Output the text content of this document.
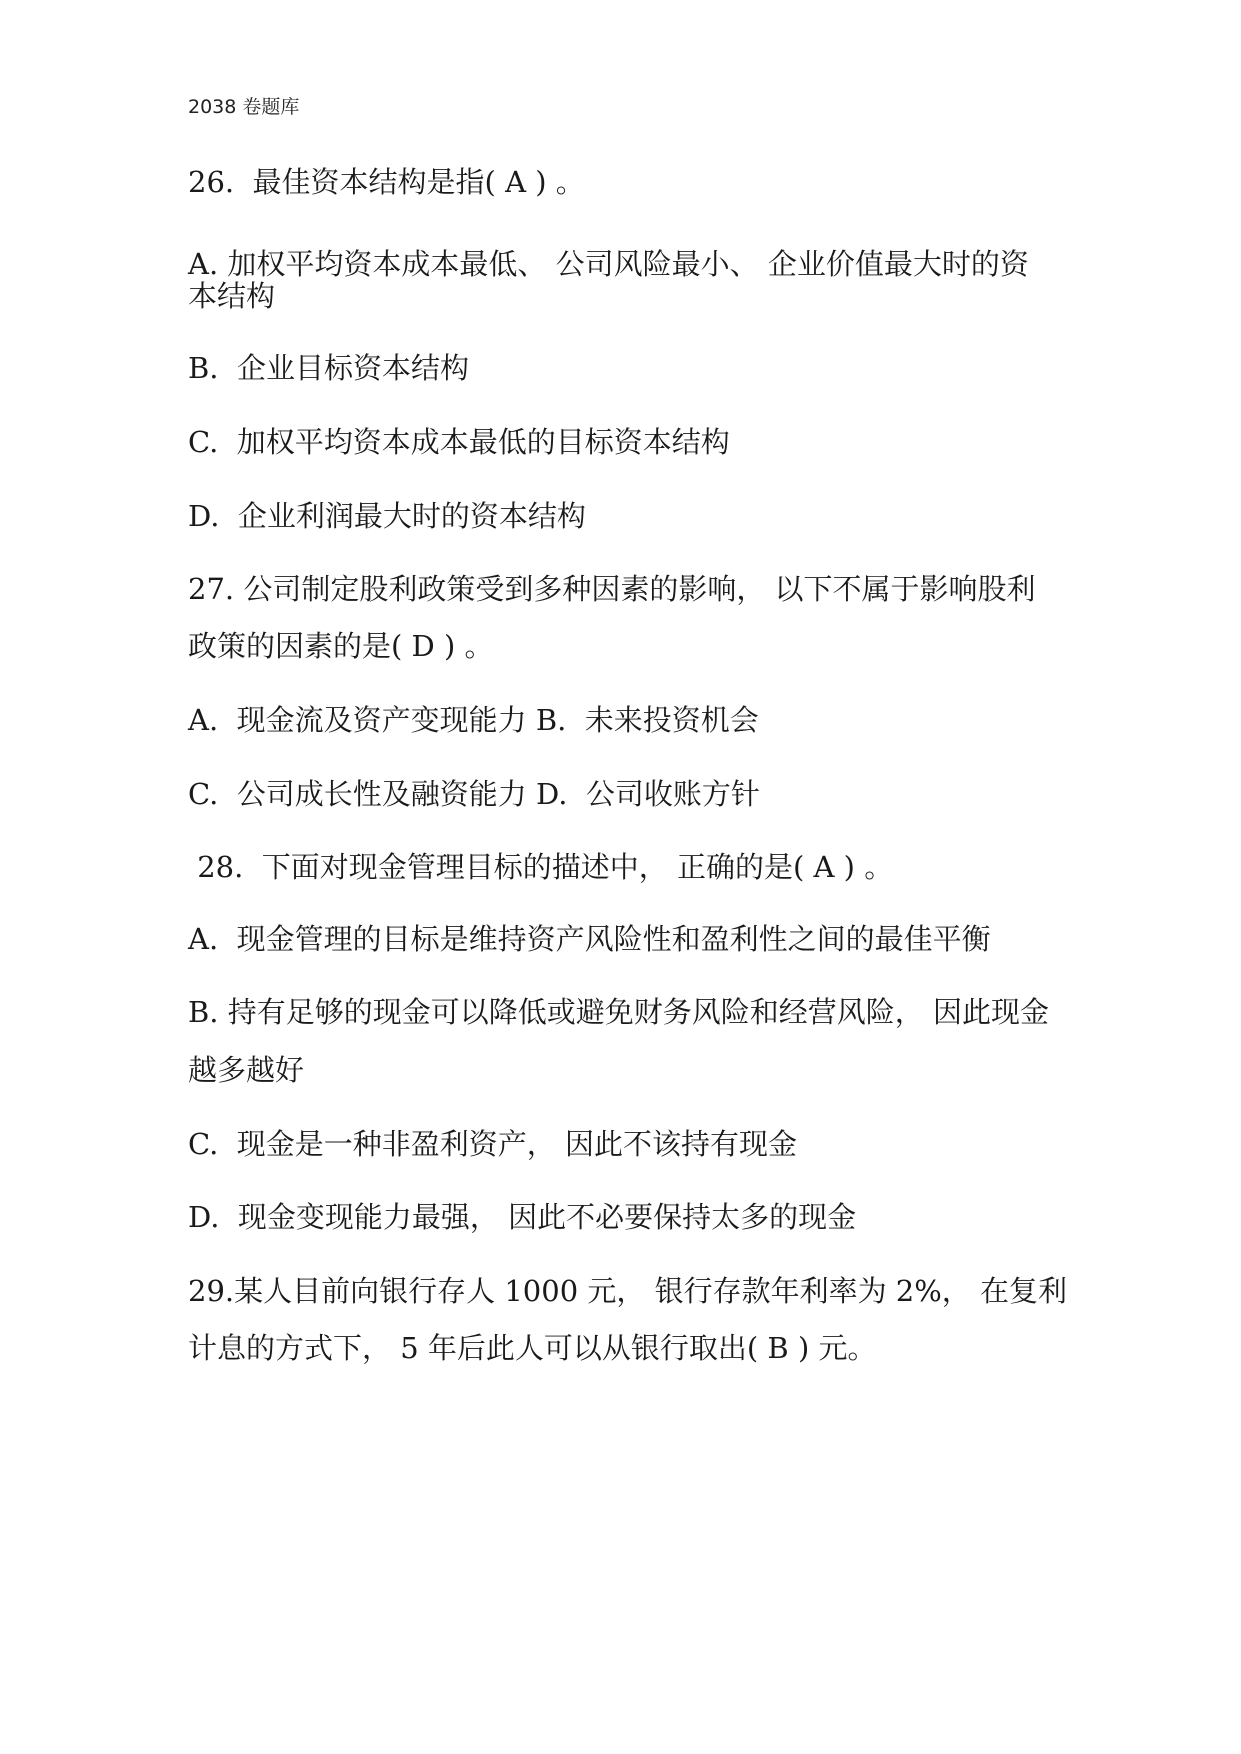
2038 卷题库
26.  最佳资本结构是指( A ) 。
A. 加权平均资本成本最低、 公司风险最小、 企业价值最大时的资
本结构
B.  企业目标资本结构
C.  加权平均资本成本最低的目标资本结构
D.  企业利润最大时的资本结构
27. 公司制定股利政策受到多种因素的影响， 以下不属于影响股利
政策的因素的是( D ) 。
A.  现金流及资产变现能力 B.  未来投资机会
C.  公司成长性及融资能力 D.  公司收账方针
28.  下面对现金管理目标的描述中， 正确的是( A ) 。
A.  现金管理的目标是维持资产风险性和盈利性之间的最佳平衡
B. 持有足够的现金可以降低或避免财务风险和经营风险， 因此现金
越多越好
C.  现金是一种非盈利资产， 因此不该持有现金
D.  现金变现能力最强， 因此不必要保持太多的现金
29.某人目前向银行存人 1000 元， 银行存款年利率为 2%， 在复利
计息的方式下， 5 年后此人可以从银行取出( B ) 元。
